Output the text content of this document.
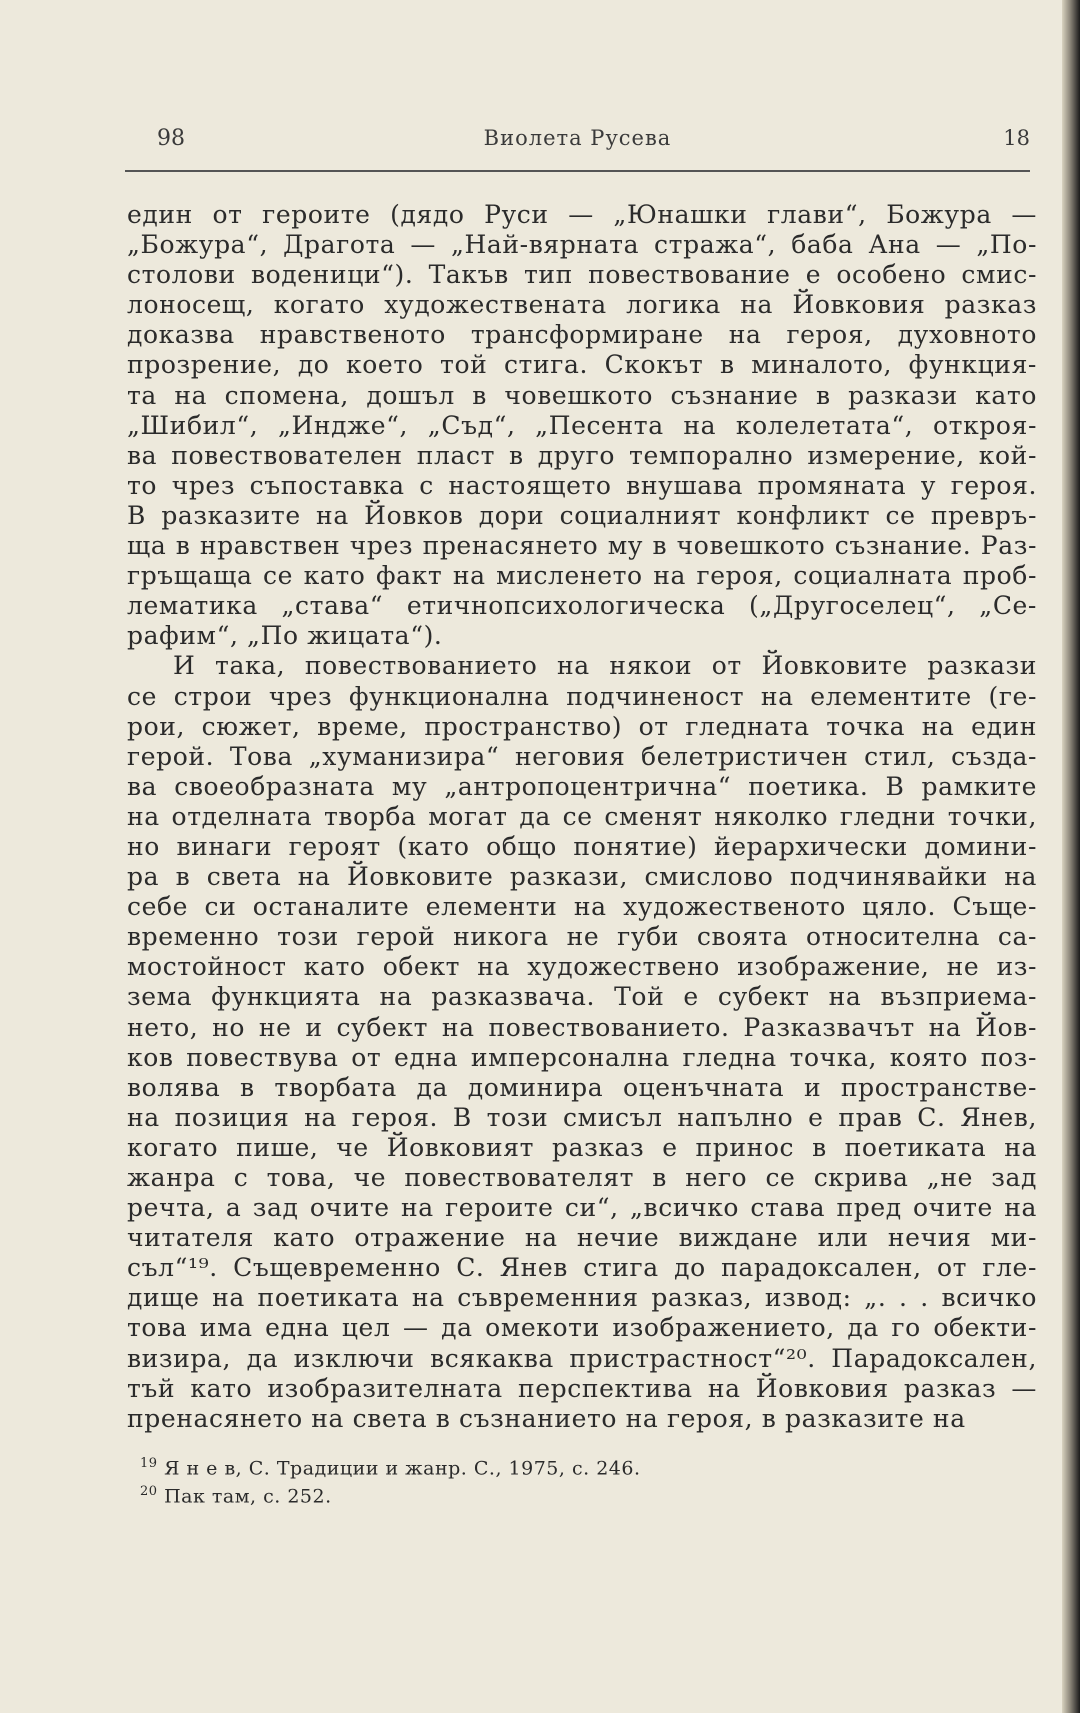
98	Виолета Русева	18
един от героите (дядо Руси — „Юнашки глави“, Божура —
„Божура“, Драгота — „Най-вярната стража“, баба Ана — „По-
столови воденици“). Такъв тип повествование е особено смис-
лоносещ, когато художествената логика на Йовковия разказ
доказва нравственото трансформиране на героя, духовното
прозрение, до което той стига. Скокът в миналото, функция-
та на спомена, дошъл в човешкото съзнание в разкази като
„Шибил“, „Индже“, „Съд“, „Песента на колелетата“, откроя-
ва повествователен пласт в друго темпорално измерение, кой-
то чрез съпоставка с настоящето внушава промяната у героя.
В разказите на Йовков дори социалният конфликт се превръ-
ща в нравствен чрез пренасянето му в човешкото съзнание. Раз-
гръщаща се като факт на мисленето на героя, социалната проб-
лематика „става“ етичнопсихологическа („Другоселец“, „Се-
рафим“, „По жицата“).
И така, повествованието на някои от Йовковите разкази
се строи чрез функционална подчиненост на елементите (ге-
рои, сюжет, време, пространство) от гледната точка на един
герой. Това „хуманизира“ неговия белетристичен стил, създа-
ва своеобразната му „антропоцентрична“ поетика. В рамките
на отделната творба могат да се сменят няколко гледни точки,
но винаги героят (като общо понятие) йерархически домини-
ра в света на Йовковите разкази, смислово подчинявайки на
себе си останалите елементи на художественото цяло. Съще-
временно този герой никога не губи своята относителна са-
мостойност като обект на художествено изображение, не из-
зема функцията на разказвача. Той е субект на възприема-
нето, но не и субект на повествованието. Разказвачът на Йов-
ков повествува от една имперсонална гледна точка, която поз-
волява в творбата да доминира оценъчната и пространстве-
на позиция на героя. В този смисъл напълно е прав С. Янев,
когато пише, че Йовковият разказ е принос в поетиката на
жанра с това, че повествователят в него се скрива „не зад
речта, а зад очите на героите си“, „всичко става пред очите на
читателя като отражение на нечие виждане или нечия ми-
съл“¹⁹. Същевременно С. Янев стига до парадоксален, от гле-
дище на поетиката на съвременния разказ, извод: „. . . всичко
това има една цел — да омекоти изображението, да го обекти-
визира, да изключи всякаква пристрастност“²⁰. Парадоксален,
тъй като изобразителната перспектива на Йовковия разказ —
пренасянето на света в съзнанието на героя, в разказите на
$^{19}$ Я н е в, С. Традиции и жанр. С., 1975, с. 246.
$^{20}$ Пак там, с. 252.
